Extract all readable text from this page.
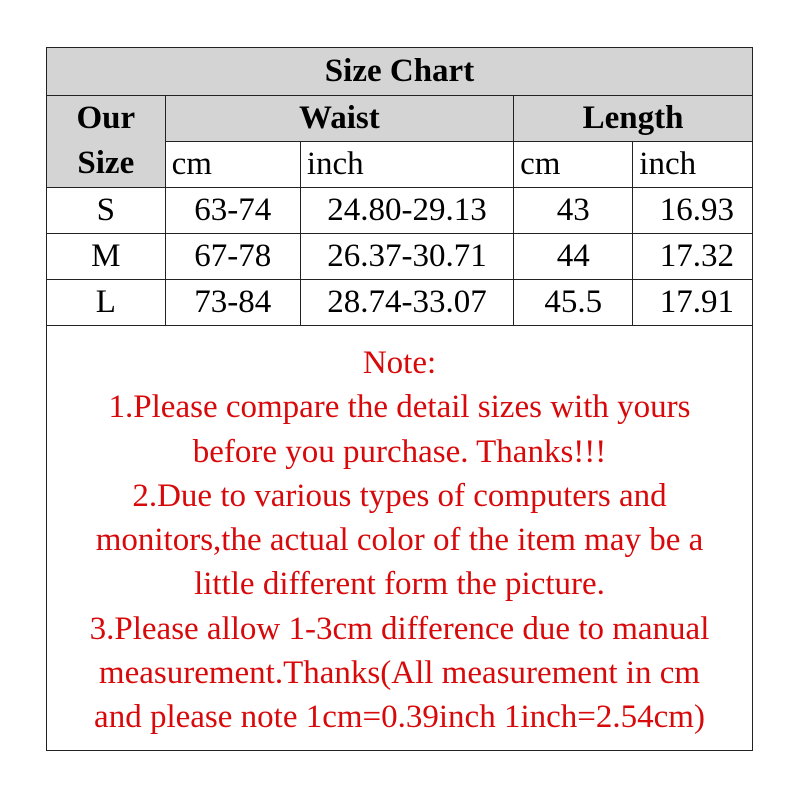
Size Chart				

Our
Size	Waist		Length	
	cm	inch	cm	inch
S	63-74	24.80-29.13	43	16.93
M	67-78	26.37-30.71	44	17.32
L	73-84	28.74-33.07	45.5	17.91
Note:
1.Please compare the detail sizes with yours
before you purchase. Thanks!!!
2.Due to various types of computers and
monitors,the actual color of the item may be a
little different form the picture.
3.Please allow 1-3cm difference due to manual
measurement.Thanks(All measurement in cm
and please note 1cm=0.39inch 1inch=2.54cm)
